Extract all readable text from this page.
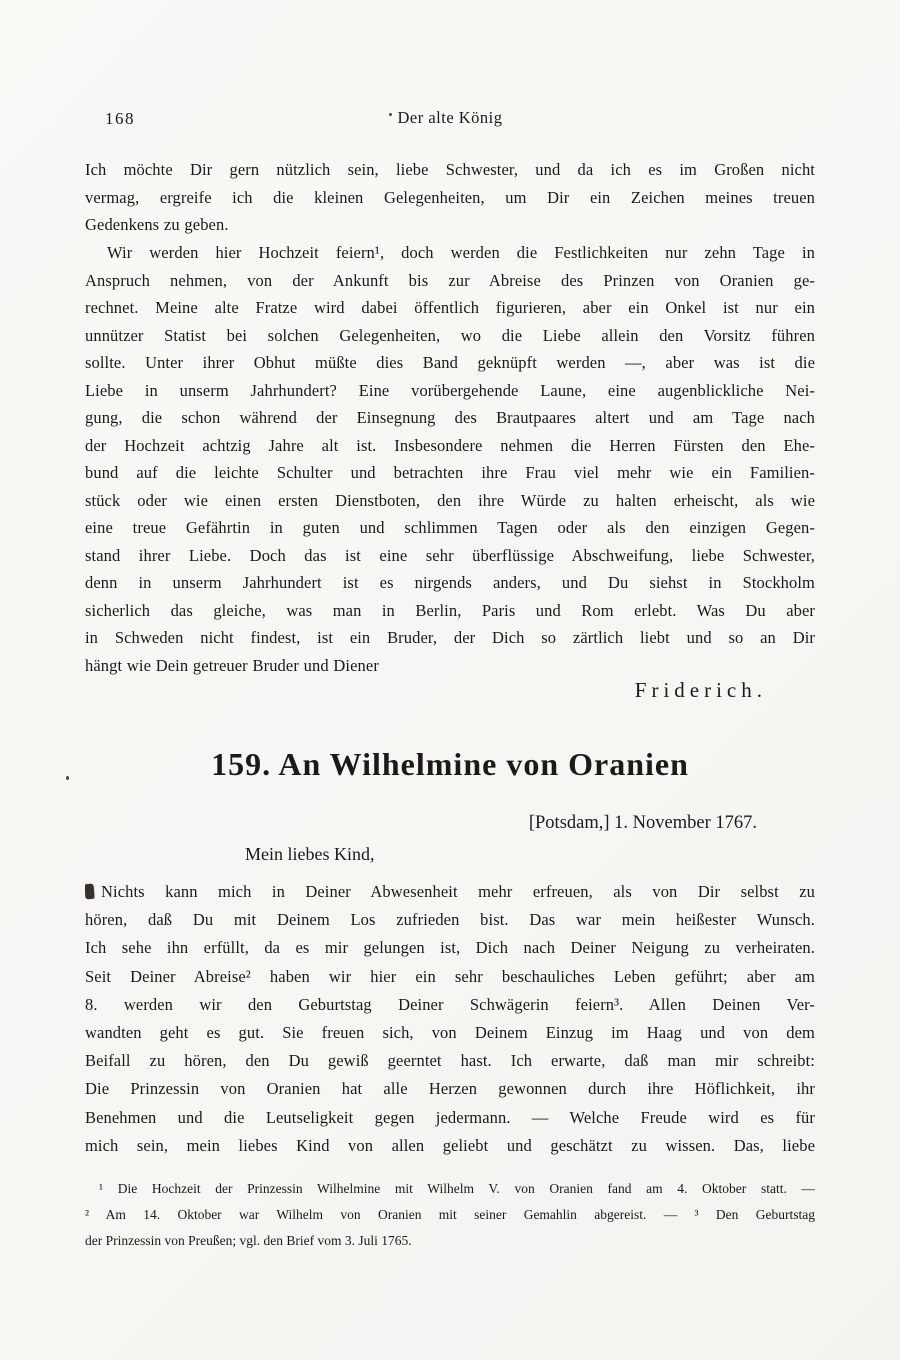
168	Der alte König
Ich möchte Dir gern nützlich sein, liebe Schwester, und da ich es im Großen nicht
vermag, ergreife ich die kleinen Gelegenheiten, um Dir ein Zeichen meines treuen
Gedenkens zu geben.
Wir werden hier Hochzeit feiern¹, doch werden die Festlichkeiten nur zehn Tage in
Anspruch nehmen, von der Ankunft bis zur Abreise des Prinzen von Oranien ge-
rechnet. Meine alte Fratze wird dabei öffentlich figurieren, aber ein Onkel ist nur ein
unnützer Statist bei solchen Gelegenheiten, wo die Liebe allein den Vorsitz führen
sollte. Unter ihrer Obhut müßte dies Band geknüpft werden —, aber was ist die
Liebe in unserm Jahrhundert? Eine vorübergehende Laune, eine augenblickliche Nei-
gung, die schon während der Einsegnung des Brautpaares altert und am Tage nach
der Hochzeit achtzig Jahre alt ist. Insbesondere nehmen die Herren Fürsten den Ehe-
bund auf die leichte Schulter und betrachten ihre Frau viel mehr wie ein Familien-
stück oder wie einen ersten Dienstboten, den ihre Würde zu halten erheischt, als wie
eine treue Gefährtin in guten und schlimmen Tagen oder als den einzigen Gegen-
stand ihrer Liebe. Doch das ist eine sehr überflüssige Abschweifung, liebe Schwester,
denn in unserm Jahrhundert ist es nirgends anders, und Du siehst in Stockholm
sicherlich das gleiche, was man in Berlin, Paris und Rom erlebt. Was Du aber
in Schweden nicht findest, ist ein Bruder, der Dich so zärtlich liebt und so an Dir
hängt wie Dein getreuer Bruder und Diener
Friderich.
159. An Wilhelmine von Oranien
[Potsdam,] 1. November 1767.
Mein liebes Kind,
Nichts kann mich in Deiner Abwesenheit mehr erfreuen, als von Dir selbst zu
hören, daß Du mit Deinem Los zufrieden bist. Das war mein heißester Wunsch.
Ich sehe ihn erfüllt, da es mir gelungen ist, Dich nach Deiner Neigung zu verheiraten.
Seit Deiner Abreise² haben wir hier ein sehr beschauliches Leben geführt; aber am
8. werden wir den Geburtstag Deiner Schwägerin feiern³. Allen Deinen Ver-
wandten geht es gut. Sie freuen sich, von Deinem Einzug im Haag und von dem
Beifall zu hören, den Du gewiß geerntet hast. Ich erwarte, daß man mir schreibt:
Die Prinzessin von Oranien hat alle Herzen gewonnen durch ihre Höflichkeit, ihr
Benehmen und die Leutseligkeit gegen jedermann. — Welche Freude wird es für
mich sein, mein liebes Kind von allen geliebt und geschätzt zu wissen. Das, liebe
¹ Die Hochzeit der Prinzessin Wilhelmine mit Wilhelm V. von Oranien fand am 4. Oktober statt. —
² Am 14. Oktober war Wilhelm von Oranien mit seiner Gemahlin abgereist. — ³ Den Geburtstag
der Prinzessin von Preußen; vgl. den Brief vom 3. Juli 1765.
